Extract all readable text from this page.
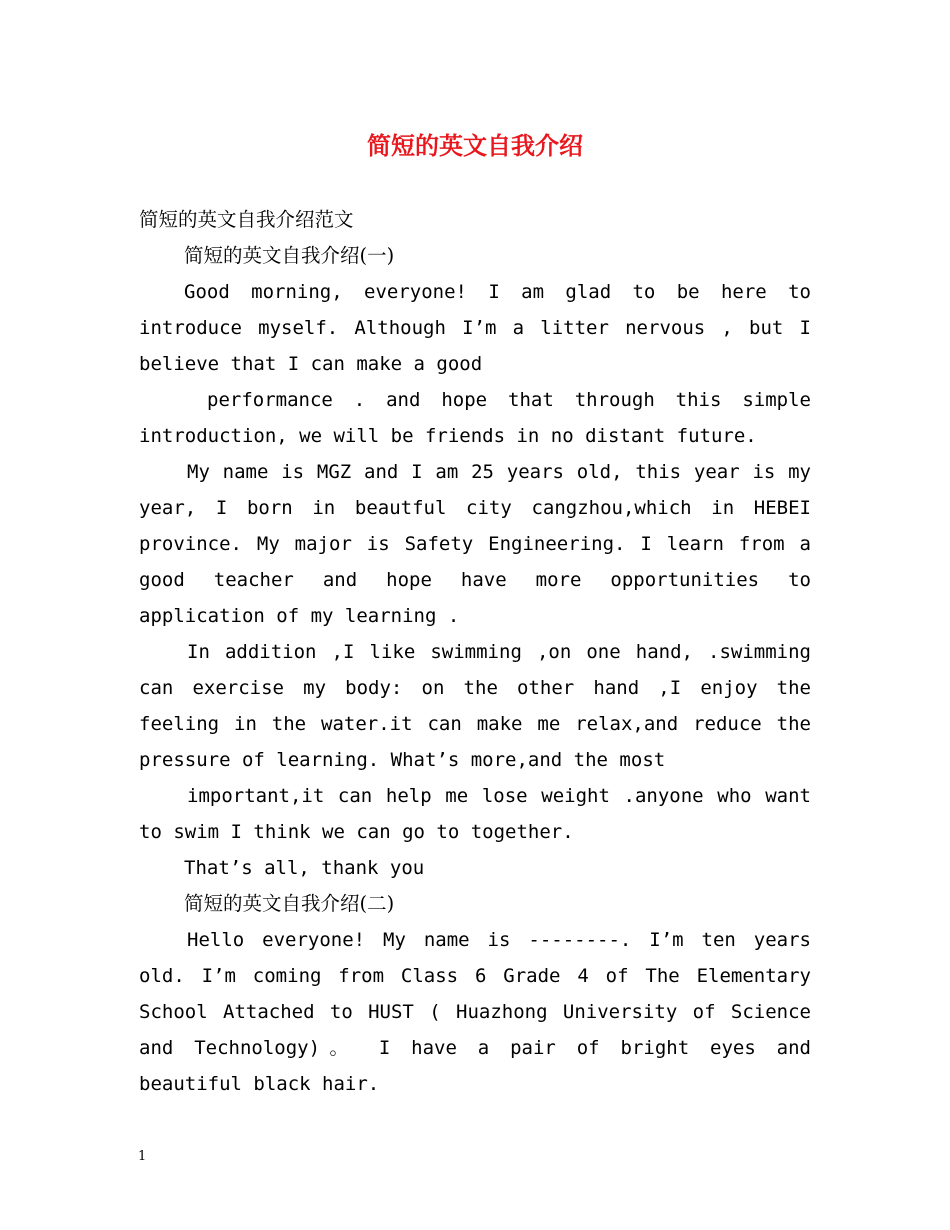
简短的英文自我介绍

简短的英文自我介绍范文

简短的英文自我介绍(一)

Good morning, everyone! I am glad to be here to introduce myself. Although I’m a litter nervous , but I believe that I can make a good

performance . and hope that through this simple introduction, we will be friends in no distant future.

My name is MGZ and I am 25 years old, this year is my year, I born in beautful city cangzhou,which in HEBEI province. My major is Safety Engineering. I learn from a good teacher and hope have more opportunities to application of my learning .

In addition ,I like swimming ,on one hand, .swimming can exercise my body: on the other hand ,I enjoy the feeling in the water.it can make me relax,and reduce the pressure of learning. What’s more,and the most

important,it can help me lose weight .anyone who want to swim I think we can go to together.

That’s all, thank you

简短的英文自我介绍(二)

Hello everyone! My name is --------. I’m ten years old. I’m coming from Class 6 Grade 4 of The Elementary School Attached to HUST ( Huazhong University of Science and Technology)。 I have a pair of bright eyes and beautiful black hair.

1
